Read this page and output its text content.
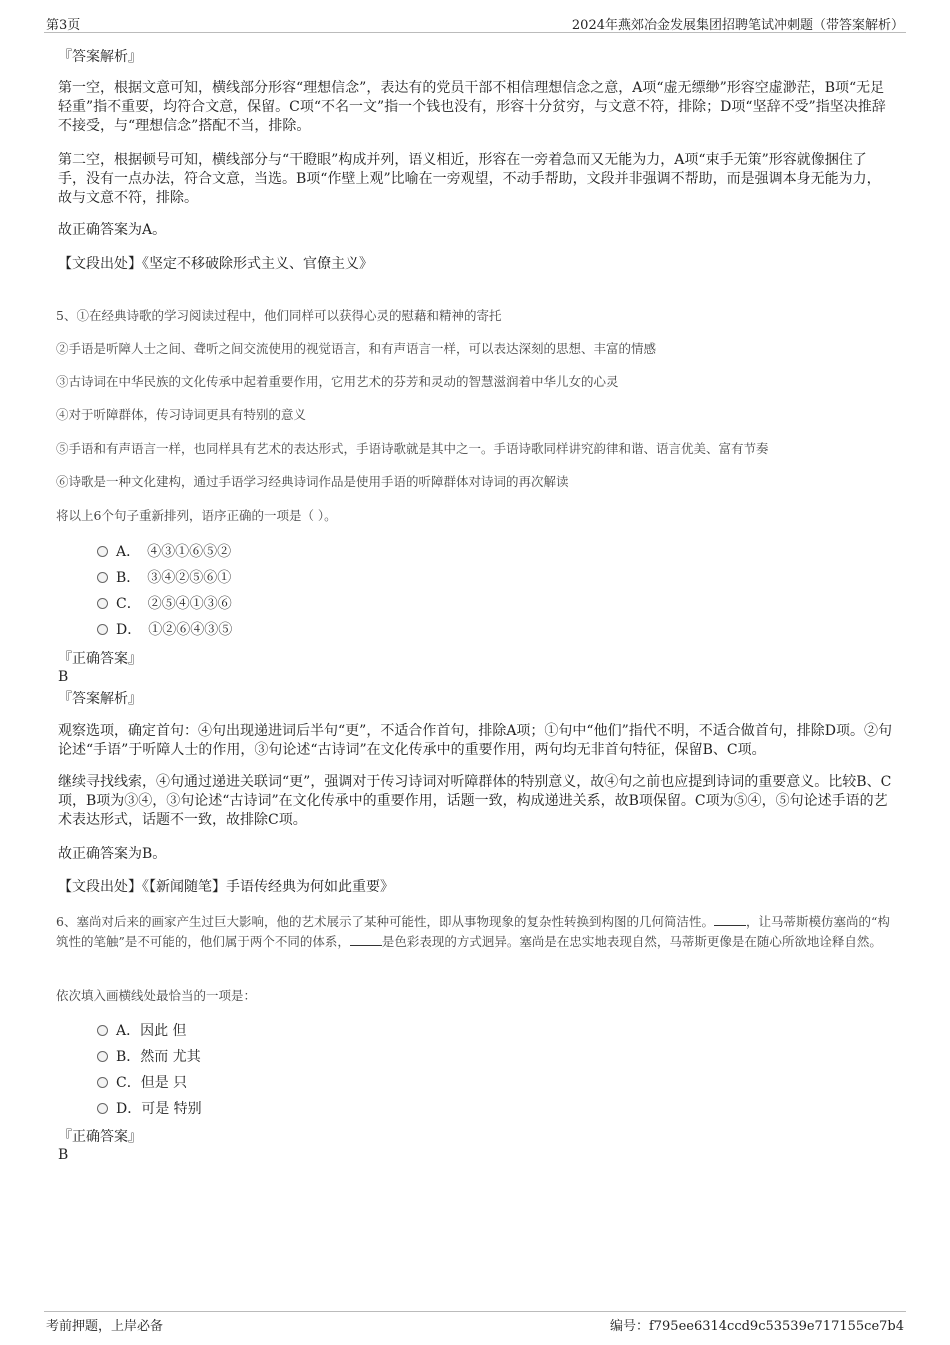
第3页	2024年燕郊冶金发展集团招聘笔试冲刺题（带答案解析）
『答案解析』
第一空，根据文意可知，横线部分形容“理想信念”，表达有的党员干部不相信理想信念之意，A项“虚无缥缈”形容空虚渺茫，B项“无足轻重”指不重要，均符合文意，保留。C项“不名一文”指一个钱也没有，形容十分贫穷，与文意不符，排除；D项“坚辞不受”指坚决推辞不接受，与“理想信念”搭配不当，排除。
第二空，根据顿号可知，横线部分与“干瞪眼”构成并列，语义相近，形容在一旁着急而又无能为力，A项“束手无策”形容就像捆住了手，没有一点办法，符合文意，当选。B项“作壁上观”比喻在一旁观望，不动手帮助，文段并非强调不帮助，而是强调本身无能为力，故与文意不符，排除。
故正确答案为A。
【文段出处】《坚定不移破除形式主义、官僚主义》
5、①在经典诗歌的学习阅读过程中，他们同样可以获得心灵的慰藉和精神的寄托
②手语是听障人士之间、聋听之间交流使用的视觉语言，和有声语言一样，可以表达深刻的思想、丰富的情感
③古诗词在中华民族的文化传承中起着重要作用，它用艺术的芬芳和灵动的智慧滋润着中华儿女的心灵
④对于听障群体，传习诗词更具有特别的意义
⑤手语和有声语言一样，也同样具有艺术的表达形式，手语诗歌就是其中之一。手语诗歌同样讲究韵律和谐、语言优美、富有节奏
⑥诗歌是一种文化建构，通过手语学习经典诗词作品是使用手语的听障群体对诗词的再次解读
将以上6个句子重新排列，语序正确的一项是（ ）。
A．　④③①⑥⑤②
B．　③④②⑤⑥①
C．　②⑤④①③⑥
D．　①②⑥④③⑤
『正确答案』
B
『答案解析』
观察选项，确定首句：④句出现递进词后半句“更”，不适合作首句，排除A项；①句中“他们”指代不明，不适合做首句，排除D项。②句论述“手语”于听障人士的作用，③句论述“古诗词”在文化传承中的重要作用，两句均无非首句特征，保留B、C项。
继续寻找线索，④句通过递进关联词“更”，强调对于传习诗词对听障群体的特别意义，故④句之前也应提到诗词的重要意义。比较B、C项，B项为③④，③句论述“古诗词”在文化传承中的重要作用，话题一致，构成递进关系，故B项保留。C项为⑤④，⑤句论述手语的艺术表达形式，话题不一致，故排除C项。
故正确答案为B。
【文段出处】《【新闻随笔】手语传经典为何如此重要》
6、塞尚对后来的画家产生过巨大影响，他的艺术展示了某种可能性，即从事物现象的复杂性转换到构图的几何简洁性。	，让马蒂斯模仿塞尚的“构筑性的笔触”是不可能的，他们属于两个不同的体系，	是色彩表现的方式迥异。塞尚是在忠实地表现自然，马蒂斯更像是在随心所欲地诠释自然。
依次填入画横线处最恰当的一项是：
A．因此 但
B．然而 尤其
C．但是 只
D．可是 特别
『正确答案』
B
考前押题，上岸必备	编号：f795ee6314ccd9c53539e717155ce7b4
